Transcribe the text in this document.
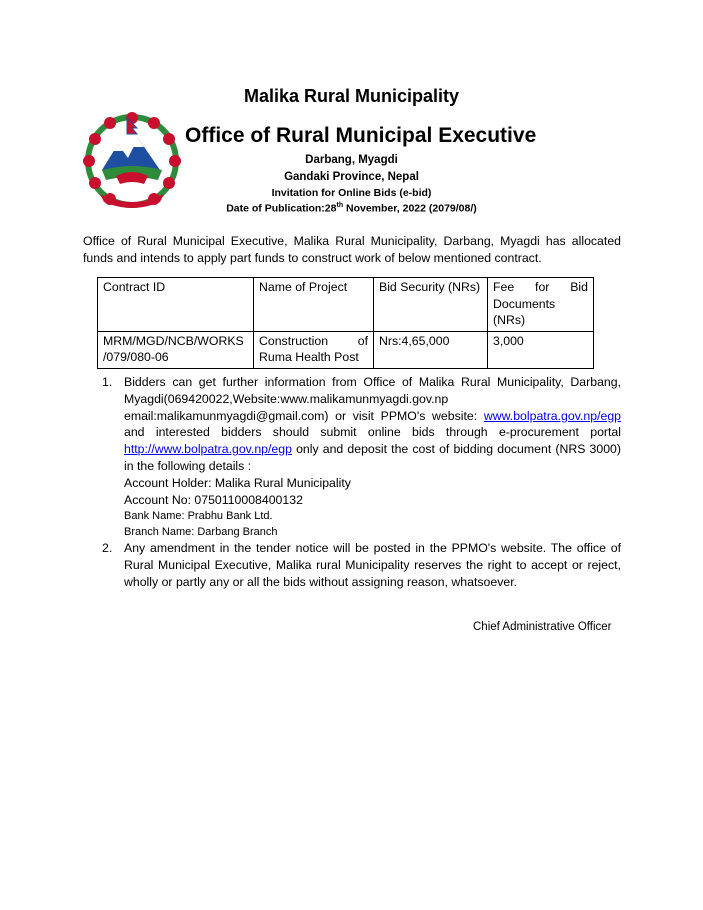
Malika Rural Municipality
Office of Rural Municipal Executive
Darbang, Myagdi
Gandaki Province, Nepal
Invitation for Online Bids (e-bid)
Date of Publication:28th November, 2022 (2079/08/)
Office of Rural Municipal Executive, Malika Rural Municipality, Darbang, Myagdi has allocated funds and intends to apply part funds to construct work of below mentioned contract.
Contract ID	Name of Project	Bid Security (NRs)	Fee for Bid Documents (NRs)
MRM/MGD/NCB/WORKS /079/080-06	Construction of Ruma Health Post	Nrs:4,65,000	3,000
1. Bidders can get further information from Office of Malika Rural Municipality, Darbang, Myagdi(069420022,Website:www.malikamunmyagdi.gov.np email:malikamunmyagdi@gmail.com) or visit PPMO's website: www.bolpatra.gov.np/egp and interested bidders should submit online bids through e-procurement portal http://www.bolpatra.gov.np/egp only and deposit the cost of bidding document (NRS 3000) in the following details :
Account Holder: Malika Rural Municipality
Account No: 0750110008400132
Bank Name: Prabhu Bank Ltd.
Branch Name: Darbang Branch
2. Any amendment in the tender notice will be posted in the PPMO's website. The office of Rural Municipal Executive, Malika rural Municipality reserves the right to accept or reject, wholly or partly any or all the bids without assigning reason, whatsoever.
Chief Administrative Officer
